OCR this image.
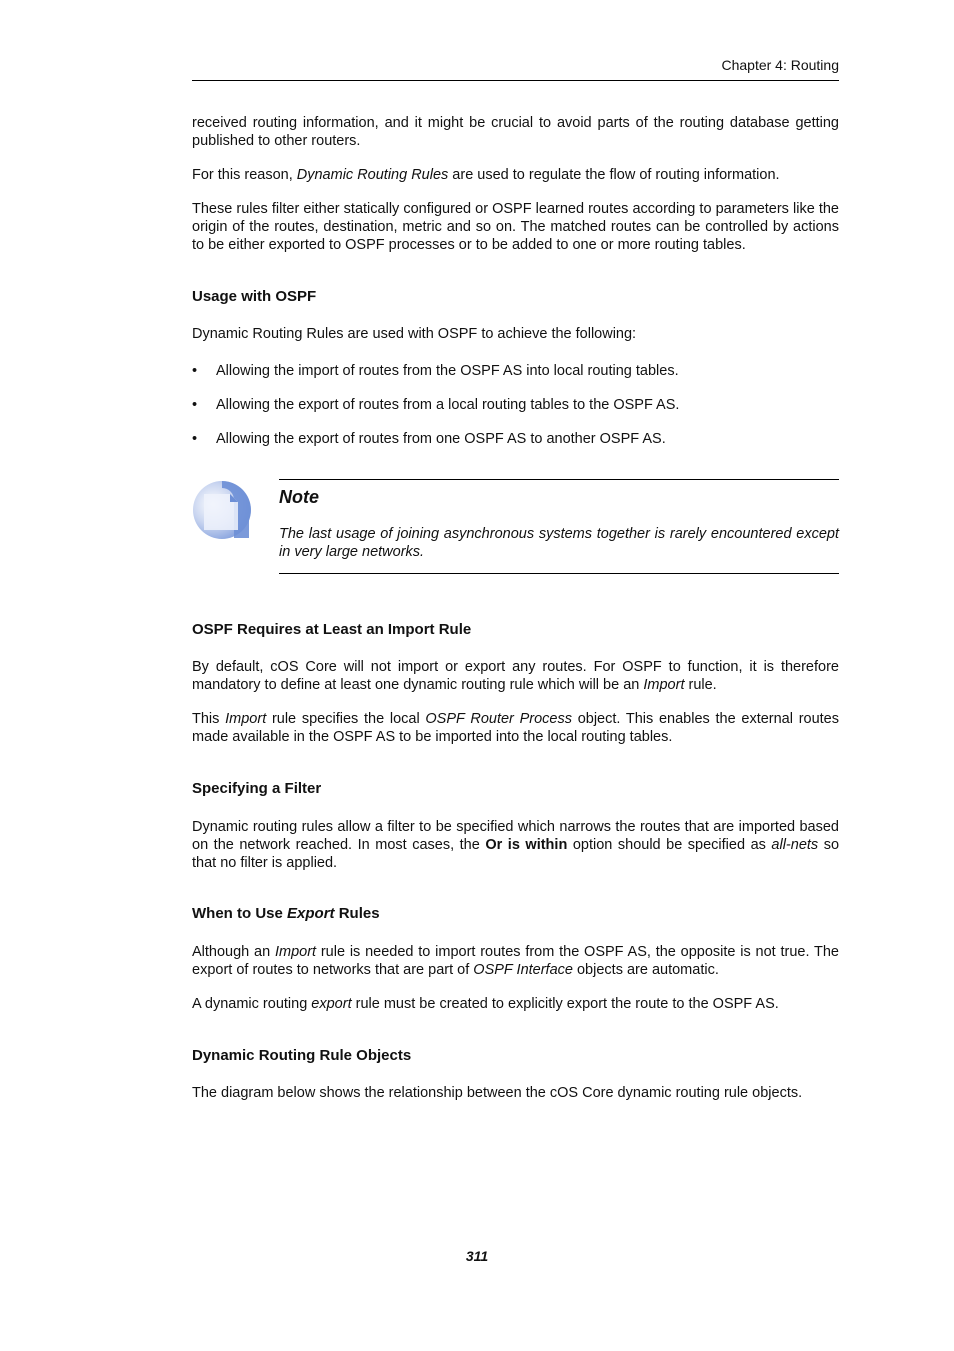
Chapter 4: Routing
received routing information, and it might be crucial to avoid parts of the routing database getting published to other routers.
For this reason, Dynamic Routing Rules are used to regulate the flow of routing information.
These rules filter either statically configured or OSPF learned routes according to parameters like the origin of the routes, destination, metric and so on. The matched routes can be controlled by actions to be either exported to OSPF processes or to be added to one or more routing tables.
Usage with OSPF
Dynamic Routing Rules are used with OSPF to achieve the following:
• Allowing the import of routes from the OSPF AS into local routing tables.
• Allowing the export of routes from a local routing tables to the OSPF AS.
• Allowing the export of routes from one OSPF AS to another OSPF AS.
Note
The last usage of joining asynchronous systems together is rarely encountered except in very large networks.
OSPF Requires at Least an Import Rule
By default, cOS Core will not import or export any routes. For OSPF to function, it is therefore mandatory to define at least one dynamic routing rule which will be an Import rule.
This Import rule specifies the local OSPF Router Process object. This enables the external routes made available in the OSPF AS to be imported into the local routing tables.
Specifying a Filter
Dynamic routing rules allow a filter to be specified which narrows the routes that are imported based on the network reached. In most cases, the Or is within option should be specified as all-nets so that no filter is applied.
When to Use Export Rules
Although an Import rule is needed to import routes from the OSPF AS, the opposite is not true. The export of routes to networks that are part of OSPF Interface objects are automatic.
A dynamic routing export rule must be created to explicitly export the route to the OSPF AS.
Dynamic Routing Rule Objects
The diagram below shows the relationship between the cOS Core dynamic routing rule objects.
311
